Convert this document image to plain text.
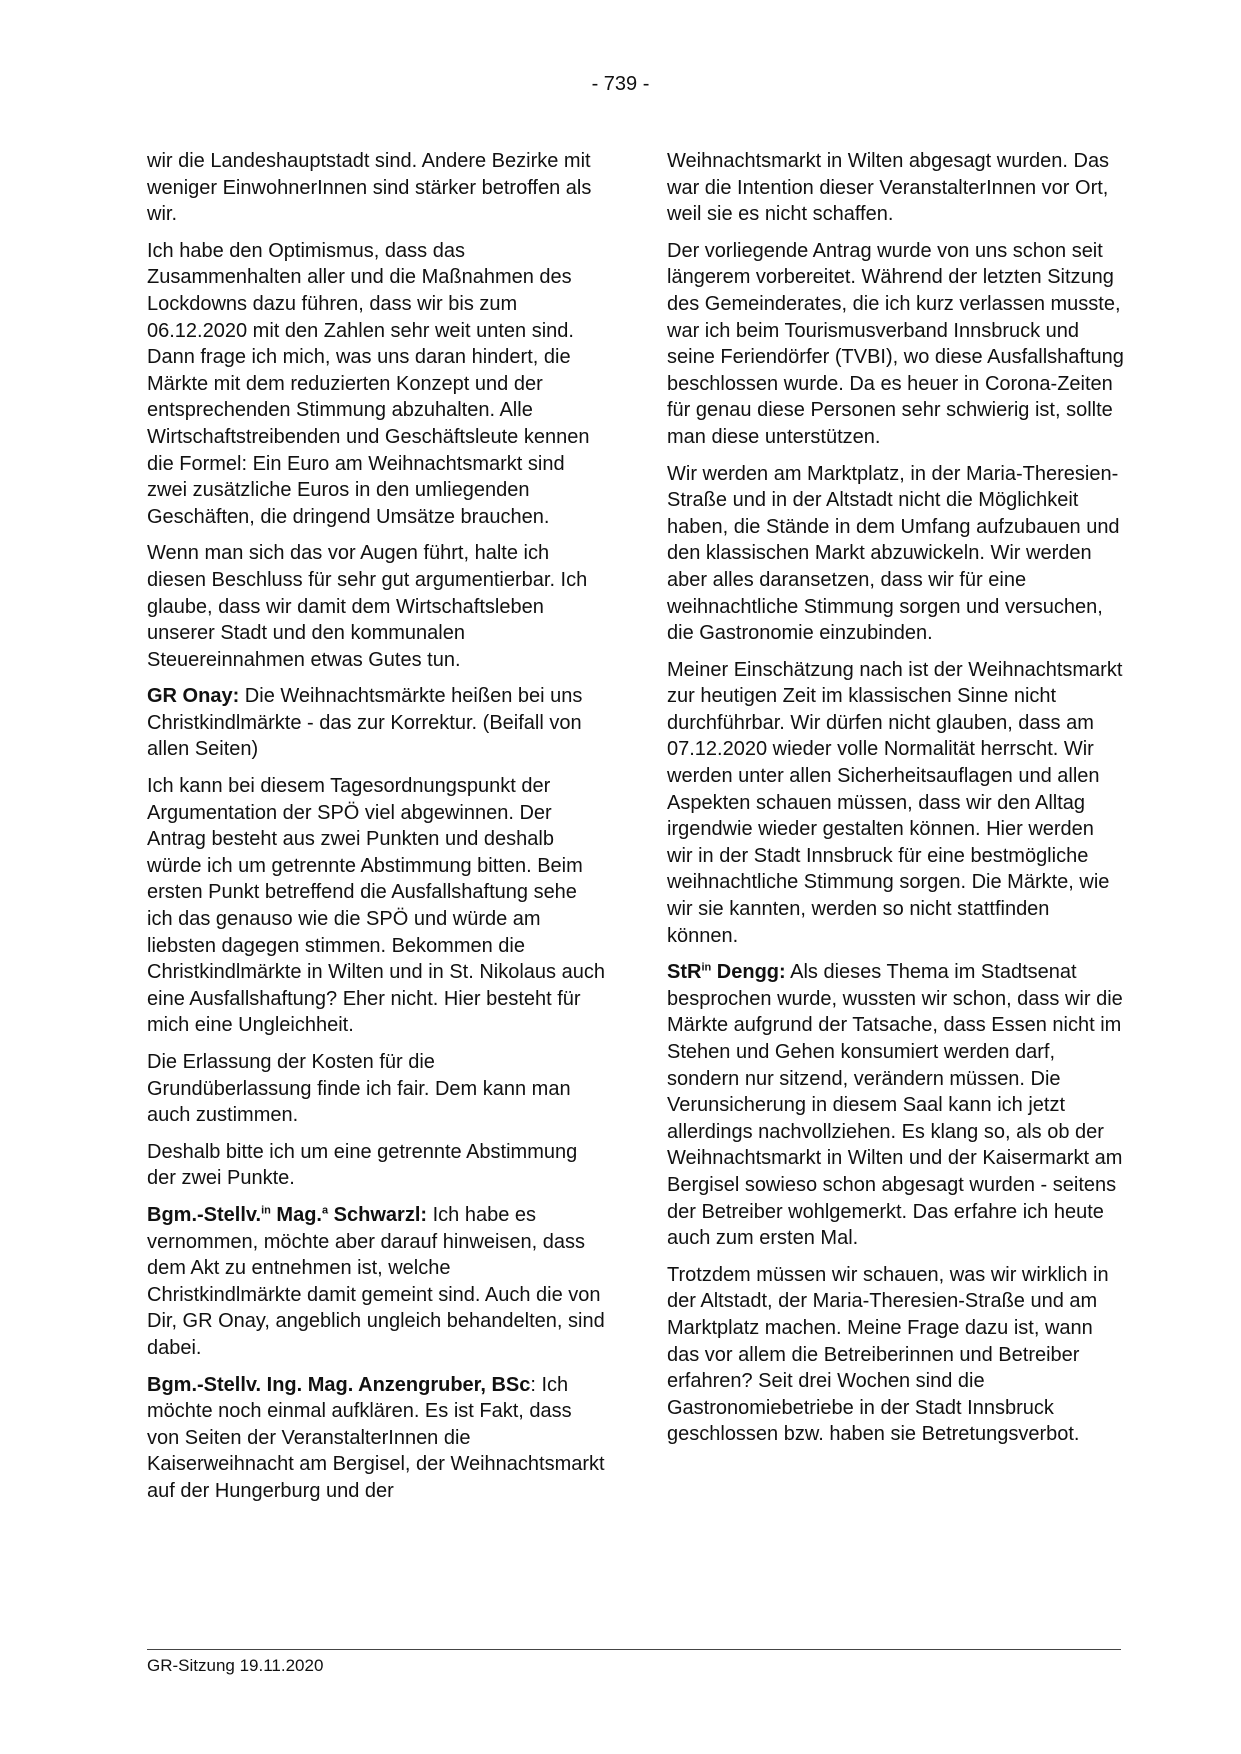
- 739 -

wir die Landeshauptstadt sind. Andere Bezirke mit weniger EinwohnerInnen sind stärker betroffen als wir.

Ich habe den Optimismus, dass das Zusammenhalten aller und die Maßnahmen des Lockdowns dazu führen, dass wir bis zum 06.12.2020 mit den Zahlen sehr weit unten sind. Dann frage ich mich, was uns daran hindert, die Märkte mit dem reduzierten Konzept und der entsprechenden Stimmung abzuhalten. Alle Wirtschaftstreibenden und Geschäftsleute kennen die Formel: Ein Euro am Weihnachtsmarkt sind zwei zusätzliche Euros in den umliegenden Geschäften, die dringend Umsätze brauchen.

Wenn man sich das vor Augen führt, halte ich diesen Beschluss für sehr gut argumentierbar. Ich glaube, dass wir damit dem Wirtschaftsleben unserer Stadt und den kommunalen Steuereinnahmen etwas Gutes tun.

GR Onay: Die Weihnachtsmärkte heißen bei uns Christkindlmärkte - das zur Korrektur. (Beifall von allen Seiten)

Ich kann bei diesem Tagesordnungspunkt der Argumentation der SPÖ viel abgewinnen. Der Antrag besteht aus zwei Punkten und deshalb würde ich um getrennte Abstimmung bitten. Beim ersten Punkt betreffend die Ausfallshaftung sehe ich das genauso wie die SPÖ und würde am liebsten dagegen stimmen. Bekommen die Christkindlmärkte in Wilten und in St. Nikolaus auch eine Ausfallshaftung? Eher nicht. Hier besteht für mich eine Ungleichheit.

Die Erlassung der Kosten für die Grundüberlassung finde ich fair. Dem kann man auch zustimmen.

Deshalb bitte ich um eine getrennte Abstimmung der zwei Punkte.

Bgm.-Stellv.$^{in}$ Mag.$^a$ Schwarzl: Ich habe es vernommen, möchte aber darauf hinweisen, dass dem Akt zu entnehmen ist, welche Christkindlmärkte damit gemeint sind. Auch die von Dir, GR Onay, angeblich ungleich behandelten, sind dabei.

Bgm.-Stellv. Ing. Mag. Anzengruber, BSc: Ich möchte noch einmal aufklären. Es ist Fakt, dass von Seiten der VeranstalterInnen die Kaiserweihnacht am Bergisel, der Weihnachtsmarkt auf der Hungerburg und der

Weihnachtsmarkt in Wilten abgesagt wurden. Das war die Intention dieser VeranstalterInnen vor Ort, weil sie es nicht schaffen.

Der vorliegende Antrag wurde von uns schon seit längerem vorbereitet. Während der letzten Sitzung des Gemeinderates, die ich kurz verlassen musste, war ich beim Tourismusverband Innsbruck und seine Feriendörfer (TVBI), wo diese Ausfallshaftung beschlossen wurde. Da es heuer in Corona-Zeiten für genau diese Personen sehr schwierig ist, sollte man diese unterstützen.

Wir werden am Marktplatz, in der Maria-Theresien-Straße und in der Altstadt nicht die Möglichkeit haben, die Stände in dem Umfang aufzubauen und den klassischen Markt abzuwickeln. Wir werden aber alles daransetzen, dass wir für eine weihnachtliche Stimmung sorgen und versuchen, die Gastronomie einzubinden.

Meiner Einschätzung nach ist der Weihnachtsmarkt zur heutigen Zeit im klassischen Sinne nicht durchführbar. Wir dürfen nicht glauben, dass am 07.12.2020 wieder volle Normalität herrscht. Wir werden unter allen Sicherheitsauflagen und allen Aspekten schauen müssen, dass wir den Alltag irgendwie wieder gestalten können. Hier werden wir in der Stadt Innsbruck für eine bestmögliche weihnachtliche Stimmung sorgen. Die Märkte, wie wir sie kannten, werden so nicht stattfinden können.

StR$^{in}$ Dengg: Als dieses Thema im Stadtsenat besprochen wurde, wussten wir schon, dass wir die Märkte aufgrund der Tatsache, dass Essen nicht im Stehen und Gehen konsumiert werden darf, sondern nur sitzend, verändern müssen. Die Verunsicherung in diesem Saal kann ich jetzt allerdings nachvollziehen. Es klang so, als ob der Weihnachtsmarkt in Wilten und der Kaisermarkt am Bergisel sowieso schon abgesagt wurden - seitens der Betreiber wohlgemerkt. Das erfahre ich heute auch zum ersten Mal.

Trotzdem müssen wir schauen, was wir wirklich in der Altstadt, der Maria-Theresien-Straße und am Marktplatz machen. Meine Frage dazu ist, wann das vor allem die Betreiberinnen und Betreiber erfahren? Seit drei Wochen sind die Gastronomiebetriebe in der Stadt Innsbruck geschlossen bzw. haben sie Betretungsverbot.

GR-Sitzung 19.11.2020
